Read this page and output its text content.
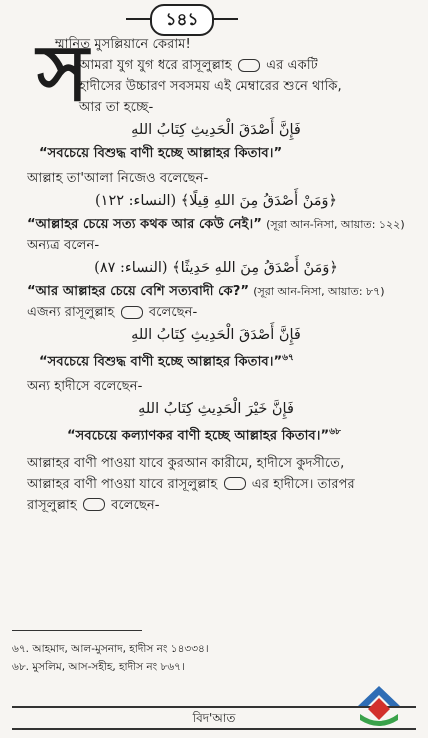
১৪১
স
ম্মানিত মুসল্লিয়ানে কেরাম!
আমরা যুগ যুগ ধরে রাসূলুল্লাহ	এর একটি
হাদীসের উচ্চারণ সবসময় এই মেম্বারের শুনে থাকি,
আর তা হচ্ছে-
فَإِنَّ أَصْدَقَ الْحَدِيثِ كِتَابُ اللهِ
“সবচেয়ে বিশুদ্ধ বাণী হচ্ছে আল্লাহর কিতাব।”
আল্লাহ তা'আলা নিজেও বলেছেন-
﴿وَمَنْ أَصْدَقُ مِنَ اللهِ قِيلًا﴾ (النساء: ١٢٢)
“আল্লাহর চেয়ে সত্য কথক আর কেউ নেই।” (সূরা আন-নিসা, আয়াত: ১২২)
অন্যত্র বলেন-
﴿وَمَنْ أَصْدَقُ مِنَ اللهِ حَدِيثًا﴾ (النساء: ٨٧)
“আর আল্লাহর চেয়ে বেশি সত্যবাদী কে?” (সূরা আন-নিসা, আয়াত: ৮৭)
এজন্য রাসূলুল্লাহ	বলেছেন-
فَإِنَّ أَصْدَقَ الْحَدِيثِ كِتَابُ اللهِ
“সবচেয়ে বিশুদ্ধ বাণী হচ্ছে আল্লাহর কিতাব।”$^{৬৭}$
অন্য হাদীসে বলেছেন-
فَإِنَّ خَيْرَ الْحَدِيثِ كِتَابُ اللهِ
“সবচেয়ে কল্যাণকর বাণী হচ্ছে আল্লাহর কিতাব।”$^{৬৮}$
আল্লাহর বাণী পাওয়া যাবে কুরআন কারীমে, হাদীসে কুদসীতে,
আল্লাহর বাণী পাওয়া যাবে রাসূলুল্লাহ	এর হাদীসে। তারপর
রাসূলুল্লাহ	বলেছেন-
৬৭. আহমাদ, আল-মুসনাদ, হাদীস নং ১৪৩৩৪।
৬৮. মুসলিম, আস-সহীহ, হাদীস নং ৮৬৭।
বিদ'আত
